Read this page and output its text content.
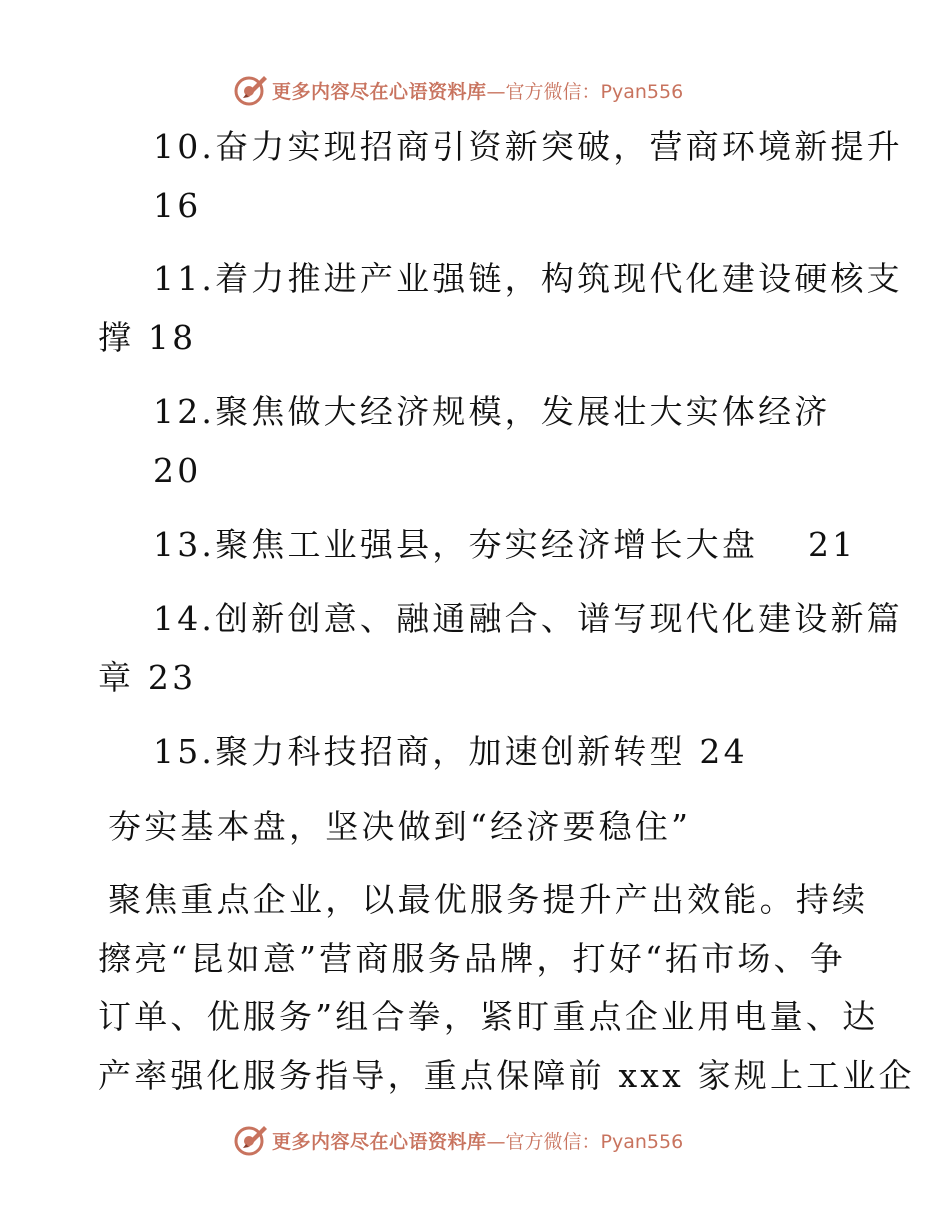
更多内容尽在心语资料库 —官方微信：Pyan556
10.奋力实现招商引资新突破，营商环境新提升
16
11.着力推进产业强链，构筑现代化建设硬核支
撑 18
12.聚焦做大经济规模，发展壮大实体经济
20
13.聚焦工业强县，夯实经济增长大盘　 21
14.创新创意、融通融合、谱写现代化建设新篇
章 23
15.聚力科技招商，加速创新转型 24
夯实基本盘，坚决做到“经济要稳住”
聚焦重点企业，以最优服务提升产出效能。持续
擦亮“昆如意”营商服务品牌，打好“拓市场、争
订单、优服务”组合拳，紧盯重点企业用电量、达
产率强化服务指导，重点保障前 xxx 家规上工业企
更多内容尽在心语资料库 —官方微信：Pyan556
